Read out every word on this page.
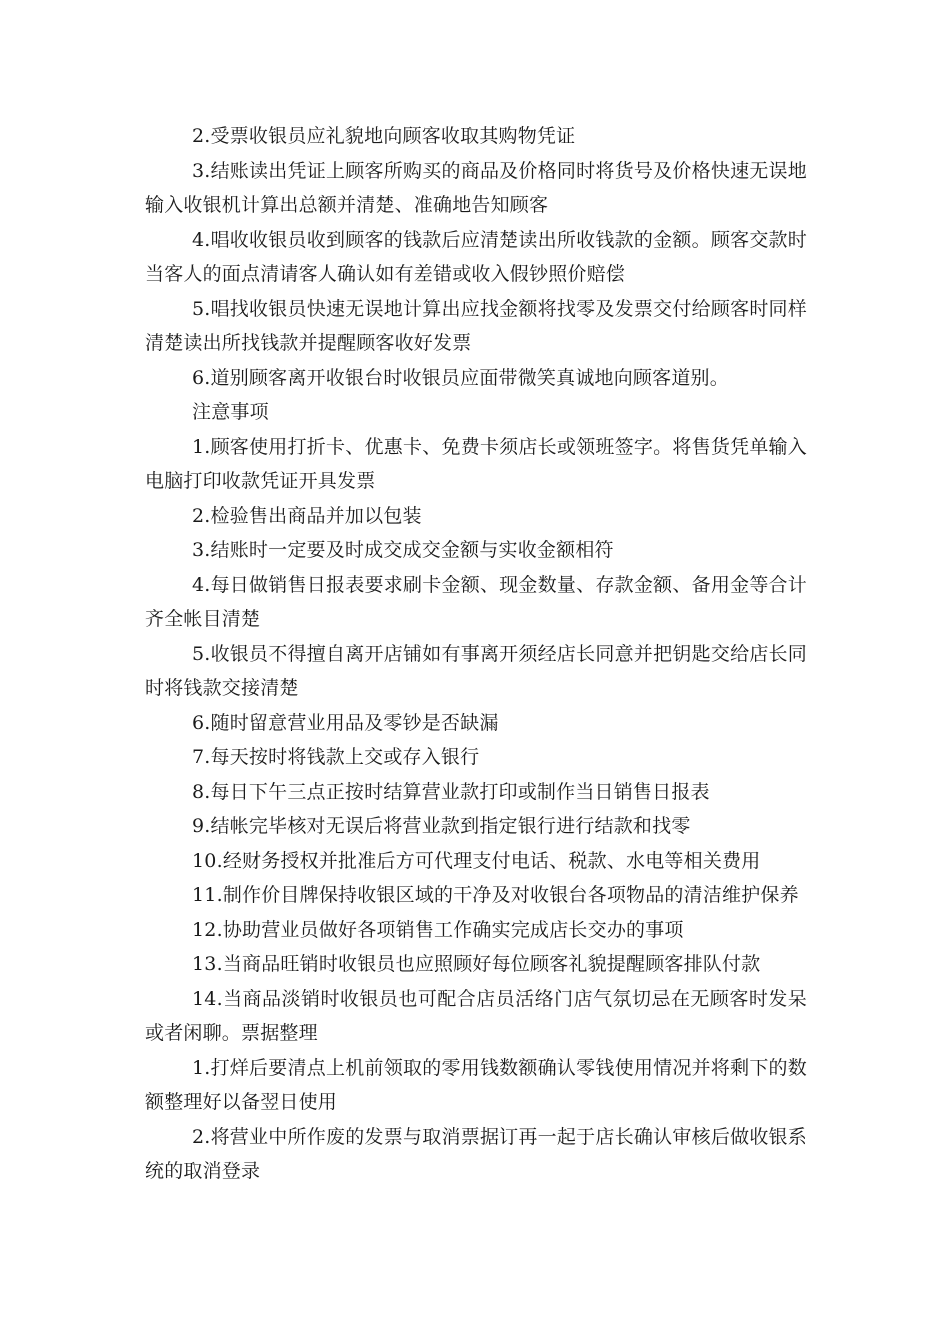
2.受票收银员应礼貌地向顾客收取其购物凭证

3.结账读出凭证上顾客所购买的商品及价格同时将货号及价格快速无误地输入收银机计算出总额并清楚、准确地告知顾客

4.唱收收银员收到顾客的钱款后应清楚读出所收钱款的金额。顾客交款时当客人的面点清请客人确认如有差错或收入假钞照价赔偿

5.唱找收银员快速无误地计算出应找金额将找零及发票交付给顾客时同样清楚读出所找钱款并提醒顾客收好发票

6.道别顾客离开收银台时收银员应面带微笑真诚地向顾客道别。

注意事项

1.顾客使用打折卡、优惠卡、免费卡须店长或领班签字。将售货凭单输入电脑打印收款凭证开具发票

2.检验售出商品并加以包装

3.结账时一定要及时成交成交金额与实收金额相符

4.每日做销售日报表要求刷卡金额、现金数量、存款金额、备用金等合计齐全帐目清楚

5.收银员不得擅自离开店铺如有事离开须经店长同意并把钥匙交给店长同时将钱款交接清楚

6.随时留意营业用品及零钞是否缺漏

7.每天按时将钱款上交或存入银行

8.每日下午三点正按时结算营业款打印或制作当日销售日报表

9.结帐完毕核对无误后将营业款到指定银行进行结款和找零

10.经财务授权并批准后方可代理支付电话、税款、水电等相关费用

11.制作价目牌保持收银区域的干净及对收银台各项物品的清洁维护保养

12.协助营业员做好各项销售工作确实完成店长交办的事项

13.当商品旺销时收银员也应照顾好每位顾客礼貌提醒顾客排队付款

14.当商品淡销时收银员也可配合店员活络门店气氛切忌在无顾客时发呆或者闲聊。票据整理

1.打烊后要清点上机前领取的零用钱数额确认零钱使用情况并将剩下的数额整理好以备翌日使用

2.将营业中所作废的发票与取消票据订再一起于店长确认审核后做收银系统的取消登录
